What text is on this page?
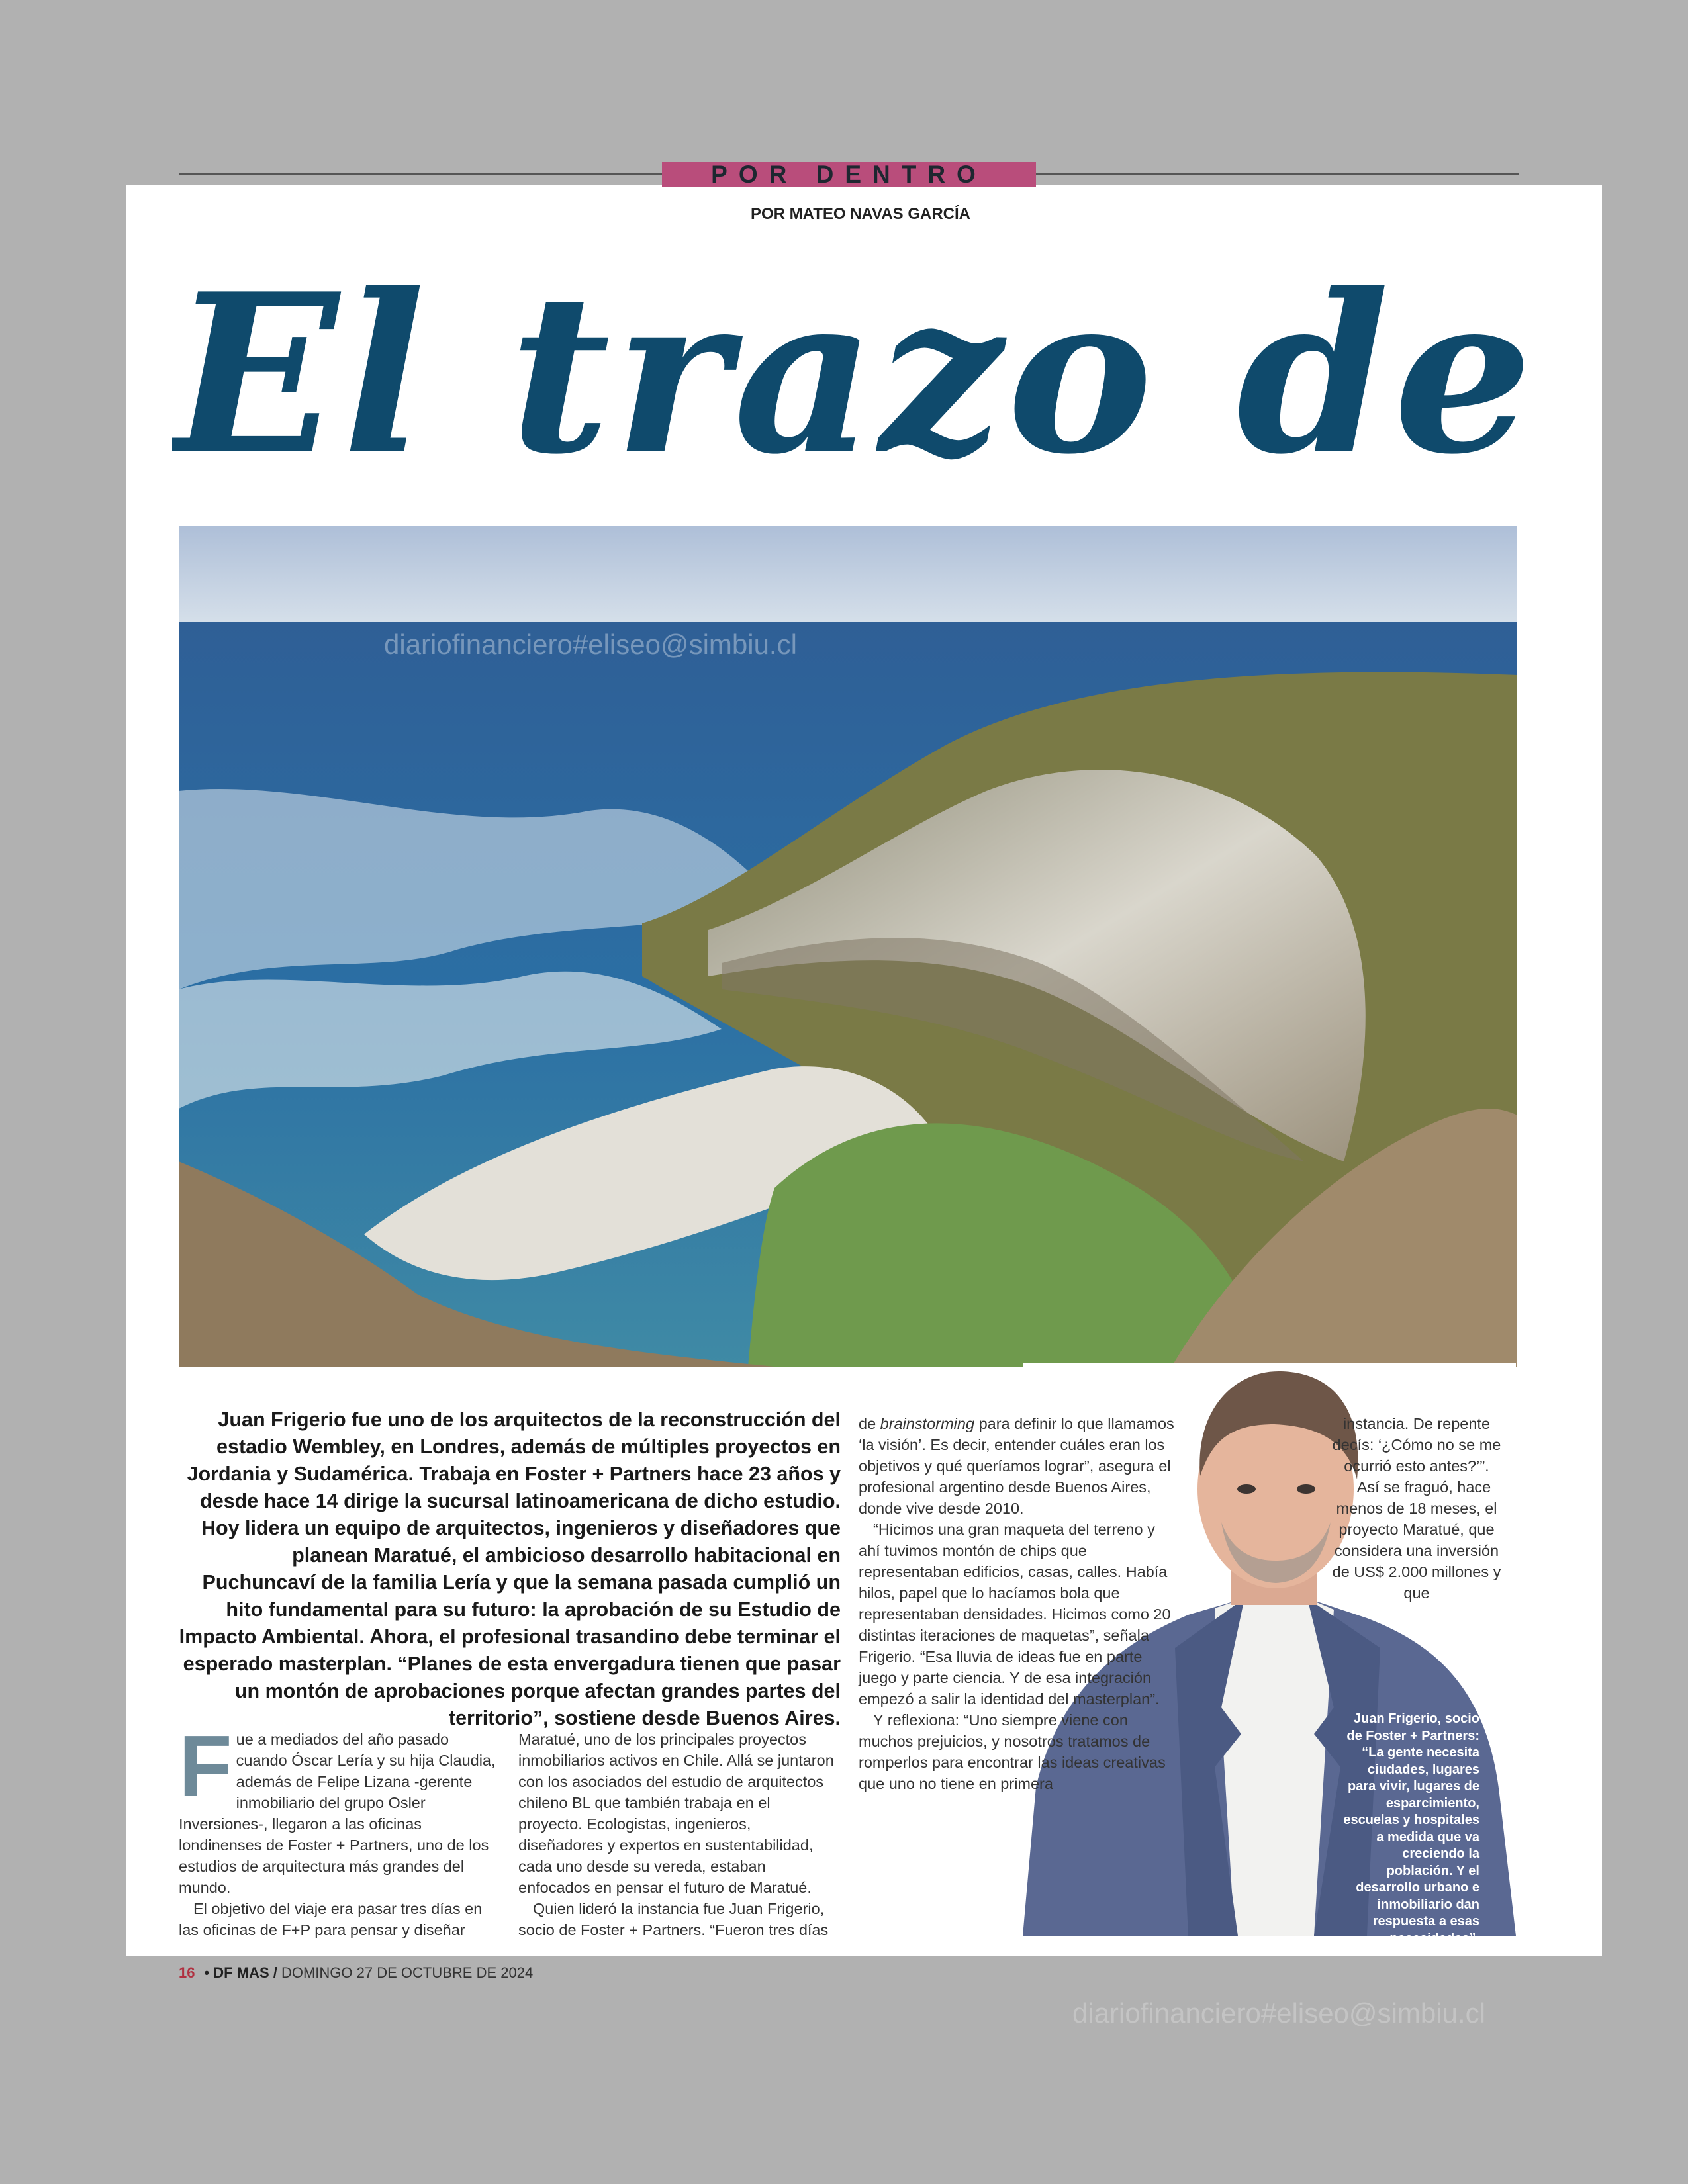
POR DENTRO
POR MATEO NAVAS GARCÍA
El trazo de
diariofinanciero#eliseo@simbiu.cl
Juan Frigerio fue uno de los arquitectos de la reconstrucción del estadio Wembley, en Londres, además de múltiples proyectos en Jordania y Sudamérica. Trabaja en Foster + Partners hace 23 años y desde hace 14 dirige la sucursal latinoamericana de dicho estudio. Hoy lidera un equipo de arquitectos, ingenieros y diseñadores que planean Maratué, el ambicioso desarrollo habitacional en Puchuncaví de la familia Lería y que la semana pasada cumplió un hito fundamental para su futuro: la aprobación de su Estudio de Impacto Ambiental. Ahora, el profesional trasandino debe terminar el esperado masterplan. “Planes de esta envergadura tienen que pasar un montón de aprobaciones porque afectan grandes partes del territorio”, sostiene desde Buenos Aires.

Fue a mediados del año pasado cuando Óscar Lería y su hija Claudia, además de Felipe Lizana -gerente inmobiliario del grupo Osler Inversiones-, llegaron a las oficinas londinenses de Foster + Partners, uno de los estudios de arquitectura más grandes del mundo.

El objetivo del viaje era pasar tres días en las oficinas de F+P para pensar y diseñar

Maratué, uno de los principales proyectos inmobiliarios activos en Chile. Allá se juntaron con los asociados del estudio de arquitectos chileno BL que también trabaja en el proyecto. Ecologistas, ingenieros, diseñadores y expertos en sustentabilidad, cada uno desde su vereda, estaban enfocados en pensar el futuro de Maratué.

Quien lideró la instancia fue Juan Frigerio, socio de Foster + Partners. “Fueron tres días

de brainstorming para definir lo que llamamos ‘la visión’. Es decir, entender cuáles eran los objetivos y qué queríamos lograr”, asegura el profesional argentino desde Buenos Aires, donde vive desde 2010.

“Hicimos una gran maqueta del terreno y ahí tuvimos montón de chips que representaban edificios, casas, calles. Había hilos, papel que lo hacíamos bola que representaban densidades. Hicimos como 20 distintas iteraciones de maquetas”, señala Frigerio. “Esa lluvia de ideas fue en parte juego y parte ciencia. Y de esa integración empezó a salir la identidad del masterplan”.

Y reflexiona: “Uno siempre viene con muchos prejuicios, y nosotros tratamos de romperlos para encontrar las ideas creativas que uno no tiene en primera

instancia. De repente decís: ‘¿Cómo no se me ocurrió esto antes?’”.

Así se fraguó, hace menos de 18 meses, el proyecto Maratué, que considera una inversión de US$ 2.000 millones y que

Juan Frigerio, socio de Foster + Partners: “La gente necesita ciudades, lugares para vivir, lugares de esparcimiento, escuelas y hospitales a medida que va creciendo la población. Y el desarrollo urbano e inmobiliario dan respuesta a esas necesidades”.
16 • DF MAS / DOMINGO 27 DE OCTUBRE DE 2024
diariofinanciero#eliseo@simbiu.cl
